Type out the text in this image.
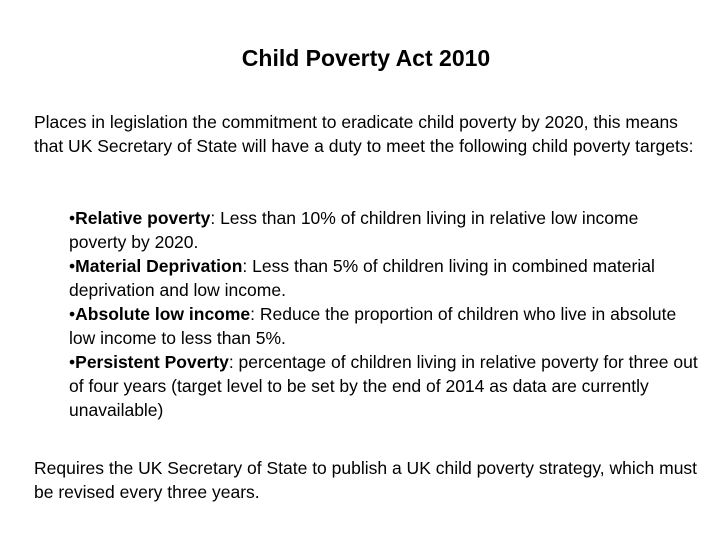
Child Poverty Act 2010
Places in legislation the commitment to eradicate child poverty by 2020, this means that UK Secretary of State will have a duty to meet the following child poverty targets:

•Relative poverty: Less than 10% of children living in relative low income poverty by 2020.

•Material Deprivation: Less than 5% of children living in combined material deprivation and low income.

•Absolute low income: Reduce the proportion of children who live in absolute low income to less than 5%.

•Persistent Poverty: percentage of children living in relative poverty for three out of four years (target level to be set by the end of 2014 as data are currently unavailable)

Requires the UK Secretary of State to publish a UK child poverty strategy, which must be revised every three years.
